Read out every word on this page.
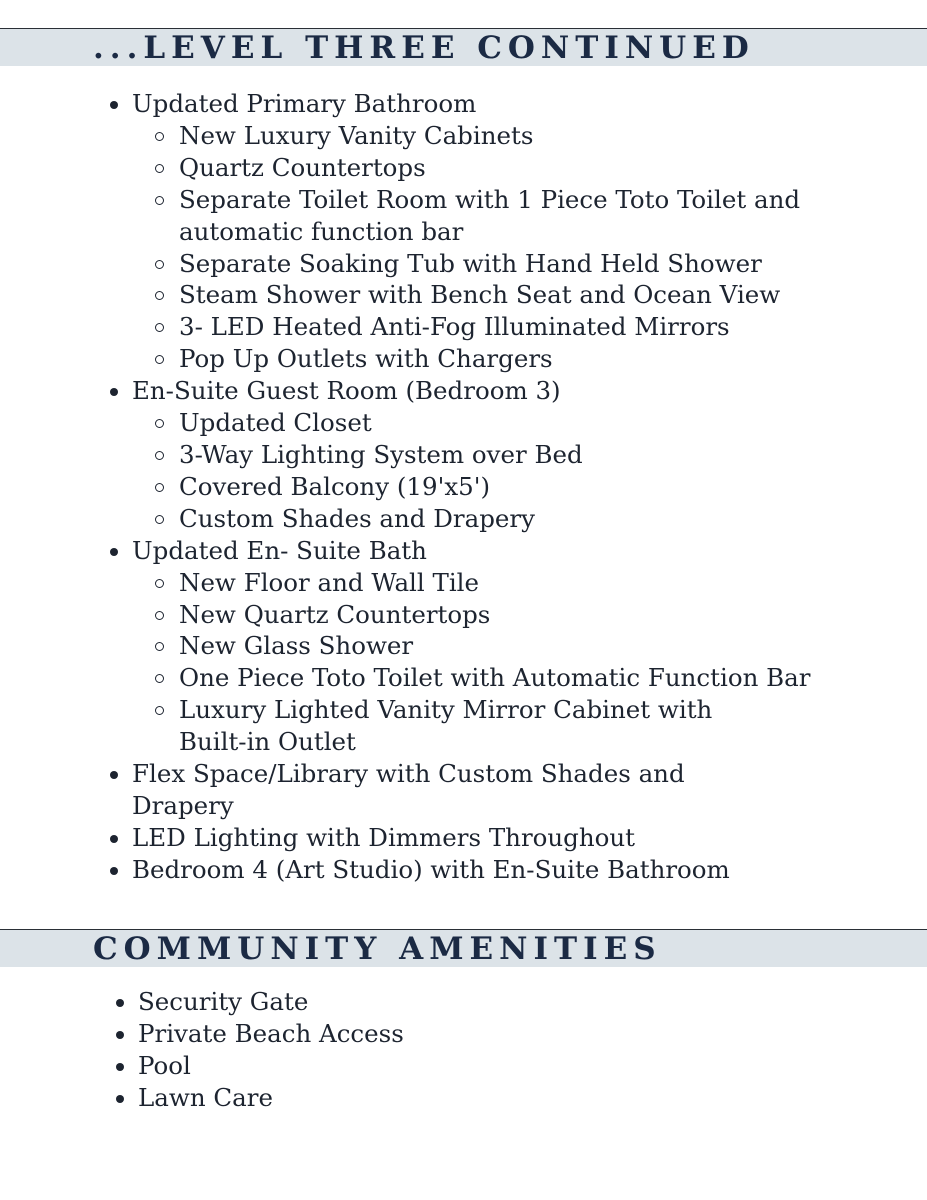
...LEVEL THREE CONTINUED
Updated Primary Bathroom
New Luxury Vanity Cabinets
Quartz Countertops
Separate Toilet Room with 1 Piece Toto Toilet and automatic function bar
Separate Soaking Tub with Hand Held Shower
Steam Shower with Bench Seat and Ocean View
3- LED Heated Anti-Fog Illuminated Mirrors
Pop Up Outlets with Chargers
En-Suite Guest Room (Bedroom 3)
Updated Closet
3-Way Lighting System over Bed
Covered Balcony (19'x5')
Custom Shades and Drapery
Updated En- Suite Bath
New Floor and Wall Tile
New Quartz Countertops
New Glass Shower
One Piece Toto Toilet with Automatic Function Bar
Luxury Lighted Vanity Mirror Cabinet with Built-in Outlet
Flex Space/Library with Custom Shades and Drapery
LED Lighting with Dimmers Throughout
Bedroom 4 (Art Studio) with En-Suite Bathroom
COMMUNITY AMENITIES
Security Gate
Private Beach Access
Pool
Lawn Care
